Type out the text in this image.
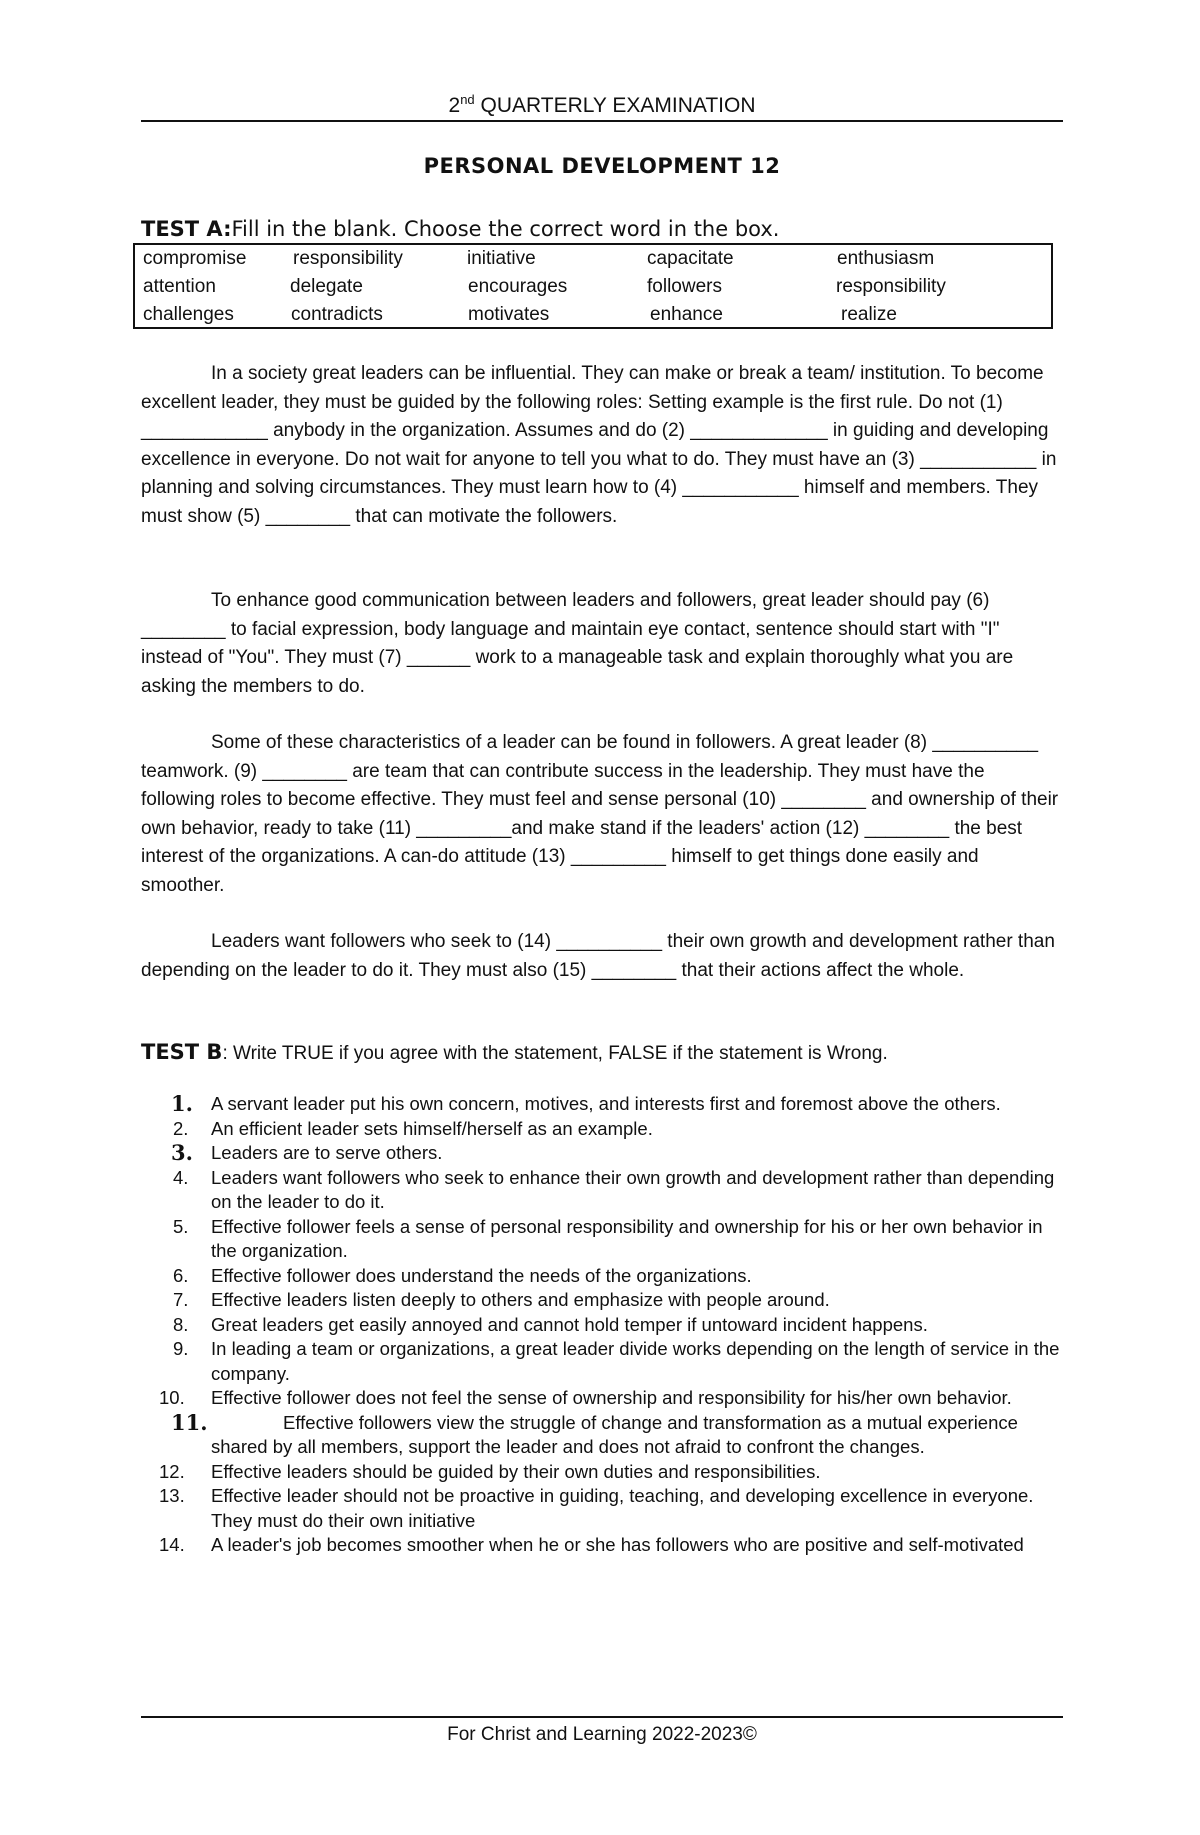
2nd QUARTERLY EXAMINATION
PERSONAL DEVELOPMENT 12
TEST A:Fill in the blank. Choose the correct word in the box.
compromise responsibility	initiative	capacitate	enthusiasm
attention	delegate	encourages	followers	responsibility
challenges	contradicts	motivates	enhance	realize

In a society great leaders can be influential. They can make or break a team/ institution. To become excellent leader, they must be guided by the following roles: Setting example is the first rule. Do not (1) ____________ anybody in the organization. Assumes and do (2) _____________ in guiding and developing excellence in everyone. Do not wait for anyone to tell you what to do. They must have an (3) ___________ in planning and solving circumstances. They must learn how to (4) ___________ himself and members. They must show (5) ________ that can motivate the followers.

To enhance good communication between leaders and followers, great leader should pay (6) ________ to facial expression, body language and maintain eye contact, sentence should start with "I" instead of "You". They must (7) ______ work to a manageable task and explain thoroughly what you are asking the members to do.

Some of these characteristics of a leader can be found in followers. A great leader (8) __________ teamwork. (9) ________ are team that can contribute success in the leadership. They must have the following roles to become effective. They must feel and sense personal (10) ________ and ownership of their own behavior, ready to take (11) _________and make stand if the leaders' action (12) ________ the best interest of the organizations. A can-do attitude (13) _________ himself to get things done easily and smoother.

Leaders want followers who seek to (14) __________ their own growth and development rather than depending on the leader to do it. They must also (15) ________ that their actions affect the whole.

TEST B: Write TRUE if you agree with the statement, FALSE if the statement is Wrong.
1. A servant leader put his own concern, motives, and interests first and foremost above the others.
2. An efficient leader sets himself/herself as an example.
3. Leaders are to serve others.
4. Leaders want followers who seek to enhance their own growth and development rather than depending on the leader to do it.
5. Effective follower feels a sense of personal responsibility and ownership for his or her own behavior in the organization.
6. Effective follower does understand the needs of the organizations.
7. Effective leaders listen deeply to others and emphasize with people around.
8. Great leaders get easily annoyed and cannot hold temper if untoward incident happens.
9. In leading a team or organizations, a great leader divide works depending on the length of service in the company.
10. Effective follower does not feel the sense of ownership and responsibility for his/her own behavior.
11.	Effective followers view the struggle of change and transformation as a mutual experience shared by all members, support the leader and does not afraid to confront the changes.
12. Effective leaders should be guided by their own duties and responsibilities.
13. Effective leader should not be proactive in guiding, teaching, and developing excellence in everyone. They must do their own initiative
14. A leader's job becomes smoother when he or she has followers who are positive and self-motivated
For Christ and Learning 2022-2023©
